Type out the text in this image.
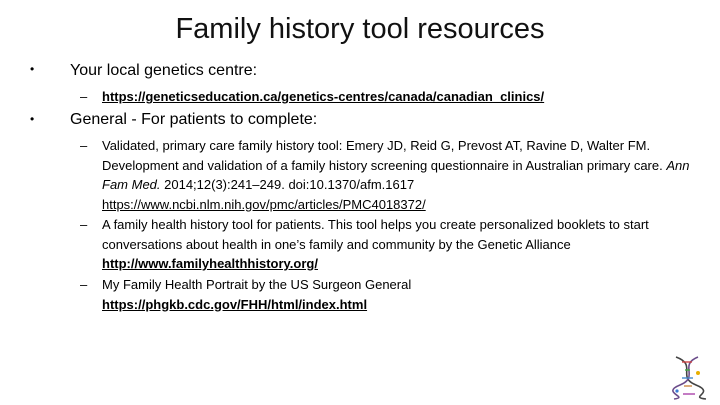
Family history tool resources
• Your local genetics centre:
– https://geneticseducation.ca/genetics-centres/canada/canadian_clinics/
• General - For patients to complete:
– Validated, primary care family history tool: Emery JD, Reid G, Prevost AT, Ravine D, Walter FM. Development and validation of a family history screening questionnaire in Australian primary care. Ann Fam Med. 2014;12(3):241–249. doi:10.1370/afm.1617
https://www.ncbi.nlm.nih.gov/pmc/articles/PMC4018372/
– A family health history tool for patients. This tool helps you create personalized booklets to start conversations about health in one’s family and community by the Genetic Alliance http://www.familyhealthhistory.org/
– My Family Health Portrait by the US Surgeon General
https://phgkb.cdc.gov/FHH/html/index.html
